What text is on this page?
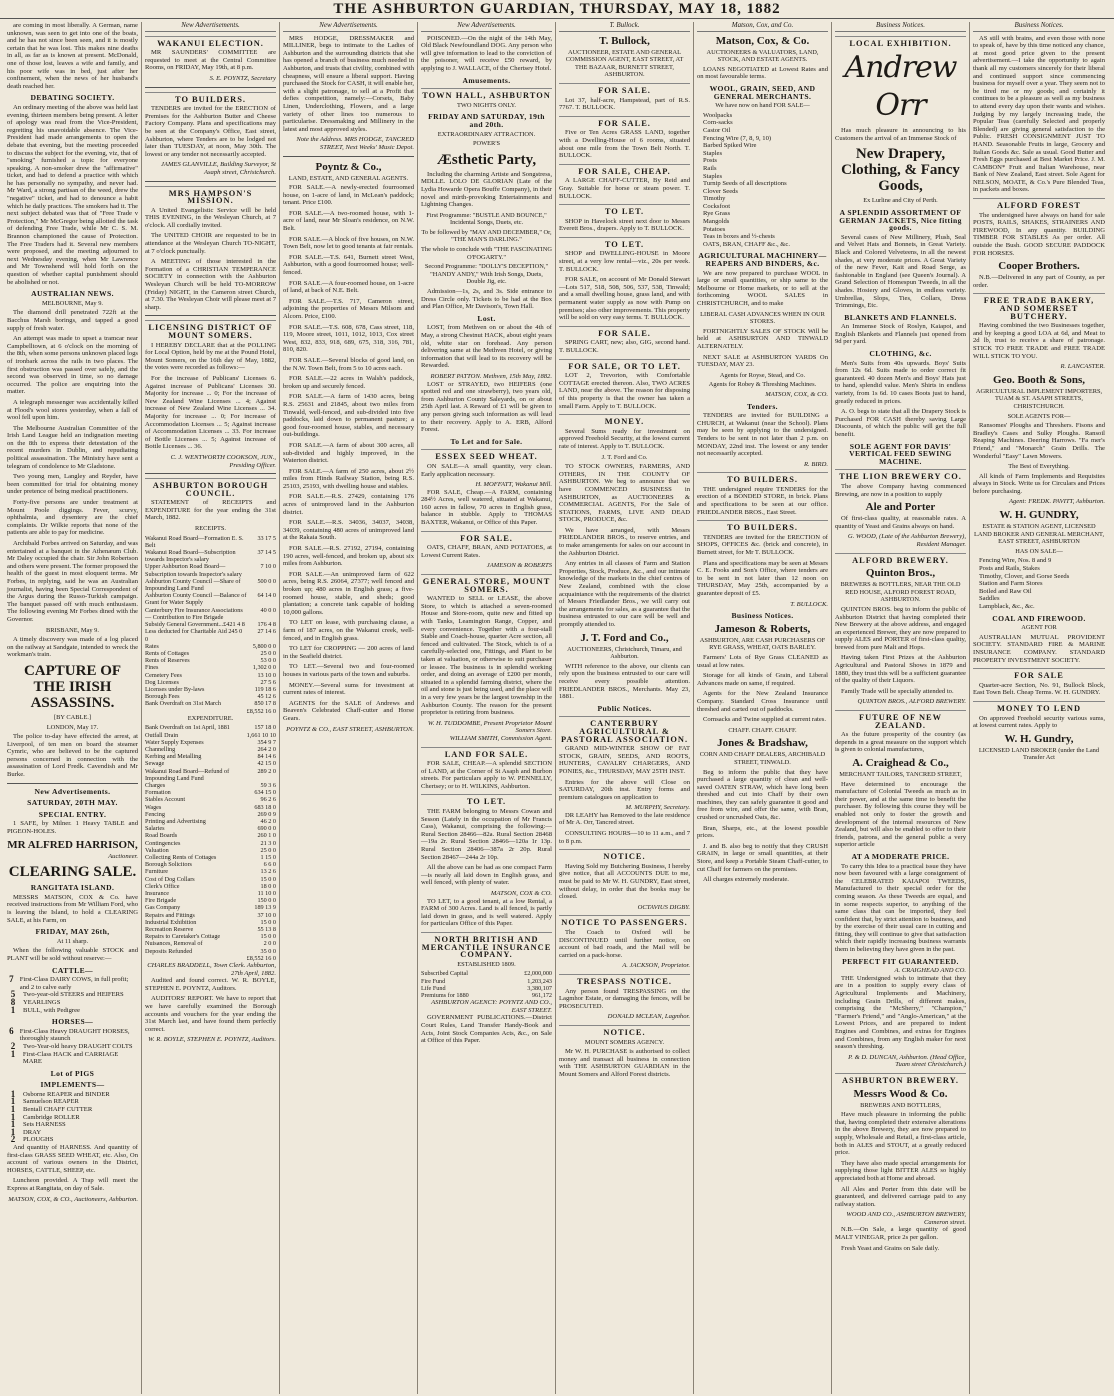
THE ASHBURTON GUARDIAN, THURSDAY, MAY 18, 1882

are coming in most liberally. A German, name unknown, was seen to get into one of the boats, and he has not since been seen, and it is mostly certain that he was lost. This makes nine deaths in all, as far as is known at present. McDonald, one of those lost, leaves a wife and family, and his poor wife was in bed, just after her confinement, when the news of her husband's death reached her.

DEBATING SOCIETY.

An ordinary meeting of the above was held last evening, thirteen members being present. A letter of apology was read from the Vice-President, regretting his unavoidable absence. The Vice-President had made arrangements to open the debate that evening, but the meeting proceeded to discuss the subject for the evening, viz, that of "smoking" furnished a topic for everyone speaking. A non-smoker drew the "affirmative" ticket, and had to defend a practice with which he has personally no sympathy, and never had. Mr Ward, a strong partisan of the weed, drew the "negative" ticket, and had to denounce a habit which he daily practices. The smokers had it. The next subject debated was that of "Free Trade v Protection," Mr McGregor being allotted the task of defending Free Trade, while Mr C. S. M. Brannon championed the cause of Protection. The Free Traders had it. Several new members were proposed, and the meeting adjourned to next Wednesday evening, when Mr Lawrence and Mr Townshend will hold forth on the question of whether capital punishment should be abolished or not.

AUSTRALIAN NEWS.
MELBOURNE, May 9.

The diamond drill penetrated 722ft at the Bacchus Marsh borings, and tapped a good supply of fresh water.

An attempt was made to upset a tramcar near Campbelltown, at 6 o'clock on the morning of the 8th, when some persons unknown placed logs of ironbark across the rails in two places. The first obstruction was passed over safely, and the second was observed in time, so no damage occurred. The police are enquiring into the matter.

A telegraph messenger was accidentally killed at Flood's wool stores yesterday, when a fall of wool fell upon him.

The Melbourne Australian Committee of the Irish Land League held an indignation meeting on the 8th to express their detestation of the recent murders in Dublin, and repudiating political assassination. The Ministry have sent a telegram of condolence to Mr Gladstone.

Two young men, Langley and Reyder, have been committed for trial for obtaining money under pretence of being medical practitioners.

Forty-five persons are under treatment at Mount Poole diggings. Fever, scurvy, ophthalmia, and dysentery are the chief complaints. Dr Wilkie reports that none of the patients are able to pay for medicine.

Archibald Forbes arrived on Saturday, and was entertained at a banquet in the Athenæum Club. Mr Daley occupied the chair. Sir John Robertson and others were present. The former proposed the health of the guest in most eloquent terms. Mr Forbes, in replying, said he was an Australian journalist, having been Special Correspondent of the Argus during the Russo-Turkish campaign. The banquet passed off with much enthusiasm. The following evening Mr Forbes dined with the Governor.

BRISBANE, May 9.

A timely discovery was made of a log placed on the railway at Sandgate, intended to wreck the workman's train.

CAPTURE OF THE IRISH ASSASSINS.
[BY CABLE.]
LONDON, May 17.

The police to-day have effected the arrest, at Liverpool, of ten men on board the steamer Cymric, who are believed to be the captured persons concerned in connection with the assassination of Lord Fredk. Cavendish and Mr Burke.

New Advertisements.
SATURDAY, 20TH MAY.
SPECIAL ENTRY.

1 SAFE, by Milner. 1 Heavy TABLE and PIGEON-HOLES.

MR ALFRED HARRISON,
Auctioneer.
CLEARING SALE.
RANGITATA ISLAND.

MESSRS MATSON, COX & Co. have received instructions from Mr William Ford, who is leaving the Island, to hold a CLEARING SALE, at his Farm, on

FRIDAY, MAY 26th,
At 11 sharp.

When the following valuable STOCK and PLANT will be sold without reserve:—

CATTLE—
7 First-Class DAIRY COWS, in full profit; and 2 to calve early
5	Two-year-old STEERS and HEIFERS
8	YEARLINGS
1	BULL, with Pedigree
HORSES—
6 First-Class Heavy DRAUGHT HORSES, thoroughly staunch
2	Two-Year-old heavy DRAUGHT COLTS
1	First-Class HACK and CARRIAGE MARE
Lot of PIGS
IMPLEMENTS—
1	Osborne REAPER and BINDER
1	Samuelson REAPER
1	Bentall CHAFF CUTTER
1	Cambridge ROLLER
1	Sets HARNESS
1	DRAY
2	PLOUGHS

And quantity of HARNESS. And quantity of first-class GRASS SEED WHEAT, etc. Also, On account of various owners in the District, HORSES, CATTLE, SHEEP, etc.

Luncheon provided. A Trap will meet the Express at Rangitata, on day of Sale.

MATSON, COX, & CO., Auctioneers, Ashburton.
New Advertisements.
WAKANUI ELECTION.

MR SAUNDERS' COMMITTEE are requested to meet at the Central Committee Rooms, on FRIDAY, May 19th, at 8 p.m.

S. E. POYNTZ, Secretary
TO BUILDERS.

TENDERS are invited for the ERECTION of Premises for the Ashburton Butter and Cheese Factory Company. Plans and specifications may be seen at the Company's Office, East street, Ashburton, where Tenders are to be lodged not later than TUESDAY, at noon, May 30th. The lowest or any tender not necessarily accepted.

JAMES GLANVILLE, Building Surveyor, St Asaph street, Christchurch.
MRS HAMPSON'S MISSION.

A United Evangelistic Service will be held THIS EVENING, in the Wesleyan Church, at 7 o'clock. All cordially invited.

The UNITED CHOIR are requested to be in attendance at the Wesleyan Church TO-NIGHT, at 7 o'clock punctually.

A MEETING of those interested in the Formation of a CHRISTIAN TEMPERANCE SOCIETY in connection with the Ashburton Wesleyan Church will be held TO-MORROW (Friday) NIGHT, in the Cameron street Church, at 7.30. The Wesleyan Choir will please meet at 7 sharp.

LICENSING DISTRICT OF MOUNT SOMERS.

I HEREBY DECLARE that at the POLLING for Local Option, held by me at the Pound Hotel, Mount Somers, on the 16th day of May, 1882, the votes were recorded as follows:—

For the increase of Publicans' Licenses 6. Against increase of Publicans' Licenses 30. Majority for increase ... 0; For the increase of New Zealand Wine Licenses ... 4; Against increase of New Zealand Wine Licenses ... 34. Majority for increase ... 0; For increase of Accommodation Licenses ... 5; Against increase of Accommodation Licenses ... 33. For increase of Bottle Licenses ... 5; Against increase of Bottle Licenses ... 36.

C. J. WENTWORTH COOKSON, JUN., Presiding Officer.
ASHBURTON BOROUGH COUNCIL.

STATEMENT of RECEIPTS and EXPENDITURE for the year ending the 31st March, 1882.

RECEIPTS.
Wakanui Road Board—Formation E. S. Belt	33 17 5
Wakanui Road Board—Subscription towards Inspector's salary	37 14 5
Upper Ashburton Road Board—Subscription towards Inspector's salary	7 10 0
Ashburton County Council —Share of Impounding Land Fund	500 0 0
Ashburton County Council —Balance of Grant for Water Supply	64 14 0
Canterbury Fire Insurance Associations — Contribution to Fire Brigade	40 0 0
Subsidy General Government...£421 4 8	176 4 8
Less deducted for Charitable Aid 245 0 0	27 14 6
Rates	5,800 0 0
Rents of Cottages	25 0 0
Rents of Reserves	53 0 0
Fines	1,302 0 0
Cemetery Fees	13 10 0
Dog Licenses	27 5 6
Licenses under By-laws	119 18 6
Borough Fees	45 12 6
Bank Overdraft on 31st March	850 17 8
	£8,552 16 0
EXPENDITURE.
Bank Overdraft on 1st April, 1881	157 18 0
Outfall Drain	1,661 10 10
Water Supply Expenses	354 9 7
Channelling	264 2 0
Kerbing and Metalling	84 14 6
Sewage	42 15 0
Wakanui Road Board—Refund of Impounding Land Fund	289 2 0
Charges	59 3 6
Formation	634 15 0
Stables Account	96 2 6
Wages	683 18 0
Fencing	269 0 9
Printing and Advertising	46 2 0
Salaries	690 0 0
Road Boards	260 1 0
Contingencies	21 3 0
Valuation	25 0 0
Collecting Rents of Cottages	1 15 0
Borough Solicitors	6 6 0
Furniture	13 2 6
Cost of Dog Collars	15 0 0
Clerk's Office	18 0 0
Insurance	11 10 0
Fire Brigade	150 0 0
Gas Company	189 13 9
Repairs and Fittings	37 10 0
Industrial Exhibition	15 0 0
Recreation Reserve	55 13 8
Repairs to Caretaker's Cottage	15 0 0
Nuisances, Removal of	2 0 0
Deposits Refunded	35 0 0
	£8,552 16 0
CHARLES BRADDELL, Town Clerk. Ashburton, 27th April, 1882.

Audited and found correct. W. R. BOYLE, STEPHEN E. POYNTZ, Auditors.

AUDITORS' REPORT. We have to report that we have carefully examined the Borough accounts and vouchers for the year ending the 31st March last, and have found them perfectly correct.

W. R. BOYLE, STEPHEN E. POYNTZ, Auditors.
New Advertisements.

MRS HODGE, DRESSMAKER and MILLINER, begs to intimate to the Ladies of Ashburton and the surrounding districts that she has opened a branch of business much needed in Ashburton, and trusts that civility, combined with cheapness, will ensure a liberal support. Having purchased the Stock for CASH, it will enable her, with a slight patronage, to sell at a Profit that defies competition, namely:—Corsets, Baby Linen, Underclothing, Flowers, and a large variety of other lines too numerous to particularise. Dressmaking and Millinery in the latest and most approved styles.

Note the Address. MRS HODGE, TANCRED STREET, Next Weeks' Music Depot.
Poyntz & Co.,
LAND, ESTATE, AND GENERAL AGENTS.

FOR SALE.—A newly-erected fourroomed house, on 1-acre of land, in McLean's paddock; tenant. Price £100.

FOR SALE.—A two-roomed house, with 1-acre of land, near Mr Sloan's residence, on N.W. Belt.

FOR SALE.—A block of five houses, on N.W. Town Belt, now let to good tenants at fair rentals.

FOR SALE.—T.S. 641, Burnett street West, Ashburton, with a good fourroomed house; well-fenced.

FOR SALE.—A four-roomed house, on 1-acre of land, at back of N.E. Belt.

FOR SALE.—T.S. 717, Cameron street, adjoining the properties of Messrs Milsom and Alcorn. Price, £100.

FOR SALE.—T.S. 608, 678, Cass street, 118, 119, Moore street, 1011, 1012, 1013, Cox street West, 832, 833, 918, 689, 675, 318, 316, 781, 810, 820.

FOR SALE.—Several blocks of good land, on the N.W. Town Belt, from 5 to 10 acres each.

FOR SALE.—22 acres in Walsh's paddock, broken up and securely fenced.

FOR SALE.—A farm of 1430 acres, being R.S. 25631 and 21845, about two miles from Tinwald, well-fenced, and sub-divided into five paddocks, laid down to permanent pasture; a good four-roomed house, stables, and necessary out-buildings.

FOR SALE.—A farm of about 300 acres, all sub-divided and highly improved, in the Waterton district.

FOR SALE.—A farm of 250 acres, about 2½ miles from Hinds Railway Station, being R.S. 25103, 25193, with dwelling house and stables.

FOR SALE.—R.S. 27429, containing 176 acres of unimproved land in the Ashburton district.

FOR SALE.—R.S. 34036, 34037, 34038, 34039, containing 480 acres of unimproved land at the Rakaia South.

FOR SALE.—R.S. 27192, 27194, containing 190 acres, well-fenced, and broken up, about six miles from Ashburton.

FOR SALE.—An unimproved farm of 622 acres, being R.S. 26064, 27377; well fenced and broken up; 480 acres in English grass; a five-roomed house, stable, and sheds; good plantation; a concrete tank capable of holding 10,000 gallons.

TO LET on lease, with purchasing clause, a farm of 187 acres, on the Wakanui creek, well-fenced, and in English grass.

TO LET for CROPPING — 200 acres of land in the Seafield district.

TO LET.—Several two and four-roomed houses in various parts of the town and suburbs.

MONEY.—Several sums for investment at current rates of interest.

AGENTS for the SALE of Andrews and Beaven's Celebrated Chaff-cutter and Horse Gears.

POYNTZ & CO., EAST STREET, ASHBURTON.
New Advertisements.

POISONED.—On the night of the 14th May, Old Black Newfoundland DOG. Any person who will give information to lead to the conviction of the poisoner, will receive £50 reward, by applying to J. WALLACE, of the Chertsey Hotel.

Amusements.
TOWN HALL, ASHBURTON
TWO NIGHTS ONLY.
FRIDAY AND SATURDAY, 19th and 20th.
EXTRAORDINARY ATTRACTION.
POWER'S
Æsthetic Party,

Including the charming Artiste and Songstress, MDLLE. LOLO DE GLORIAN (Late of the Lydia Howarde Opera Bouffe Company), in their novel and mirth-provoking Entertainments and Lightning Changes.

First Programme: "BUSTLE AND BOUNCE," Incidental Songs, Duets, etc.
To be followed by "MAY AND DECEMBER," Or, "THE MAN'S DARLING."
The whole to conclude with "THE FASCINATING O'FOGARTY."
Second Programme: "DOLLY'S DECEPTION," "HANDY ANDY," With Irish Songs, Duets, Double Jig, etc.

Admission—1s, 2s, and 3s. Side entrance to Dress Circle only. Tickets to be had at the Box and Plan Office, Mr Davison's, Town Hall.

Lost.

LOST, from Methven on or about the 4th of May, a strong Chestnut HACK, about eight years old, white star on forehead. Any person delivering same at the Methven Hotel, or giving information that will lead to its recovery will be Rewarded.

ROBERT PATTON. Methven, 15th May, 1882.

LOST or STRAYED, two HEIFERS (one spotted red and one strawberry), two years old, from Ashburton County Saleyards, on or about 25th April last. A Reward of £1 will be given to any person giving such information as will lead to their recovery. Apply to A. ERB, Alford Forest.

To Let and for Sale.
ESSEX SEED WHEAT.

ON SALE—A small quantity, very clean. Early application necessary.

H. MOFFATT, Wakanui Mill.

FOR SALE, Cheap.—A FARM, containing 284½ Acres, well watered, situated at Wakanui, 160 acres in fallow, 70 acres in English grass, balance in stubble. Apply to THOMAS BAXTER, Wakanui, or Office of this Paper.

FOR SALE.

OATS, CHAFF, BRAN, AND POTATOES, at Lowest Current Rates.

JAMESON & ROBERTS
GENERAL STORE, MOUNT SOMERS.

WANTED to SELL or LEASE, the above Store, to which is attached a seven-roomed House and Store-room, quite new and fitted up with Tanks, Leamington Range, Copper, and every convenience. Together with a four-stall Stable and Coach-house, quarter Acre section, all fenced and cultivated. The Stock, which is of a carefully-selected one, Fittings, and Plant to be taken at valuation, or otherwise to suit purchaser or lessee. The business is in splendid working order, and doing an average of £200 per month, situated in a splendid farming district, where the oil and stone is just being used, and the place will in a very few years be the largest township in the Ashburton County. The reason for the present proprietor is retiring from business.

W. H. TUDDOMBE, Present Proprietor Mount Somers Store.
WILLIAM SMITH, Commission Agent.
LAND FOR SALE.

FOR SALE, CHEAP.—A splendid SECTION of LAND, at the Corner of St Asaph and Burbon streets. For particulars apply to W. PENNELLY, Chertsey; or to H. WILKINS, Ashburton.

TO LET.

THE FARM belonging to Messrs Cowan and Sesson (Lately in the occupation of Mr Francis Cass), Wakanui, comprising the following:— Rural Section 28466—82a. Rural Section 28468—19a 2r. Rural Section 28466—120a 1r 13p. Rural Section 28406—387a 2r 20p. Rural Section 28467—244a 2r 10p.

All the above can be had as one compact Farm—is nearly all laid down in English grass, and well fenced, with plenty of water.

MATSON, COX & CO.

TO LET, to a good tenant, at a low Rental, a FARM of 300 Acres. Land is all fenced, is partly laid down in grass, and is well watered. Apply for particulars Office of this Paper.

NORTH BRITISH AND MERCANTILE INSURANCE COMPANY.
ESTABLISHED 1809.
Subscribed Capital	£2,000,000
Fire Fund	1,203,243
Life Fund	3,380,107
Premiums for 1880	961,172
ASHBURTON AGENCY: POYNTZ AND CO., EAST STREET.

GOVERNMENT PUBLICATIONS.—District Court Rules, Land Transfer Handy-Book and Acts, Joint Stock Companies Acts, &c., on Sale at Office of this Paper.

T. Bullock.
T. Bullock,
AUCTIONEER, ESTATE AND GENERAL COMMISSION AGENT, EAST STREET, AT THE BAZAAR, BURNETT STREET, ASHBURTON.
FOR SALE.

Lot 37, half-acre, Hampstead, part of R.S. 7767. T. BULLOCK.

FOR SALE.

Five or Ten Acres GRASS LAND, together with a Dwelling-House of 6 rooms, situated about one mile from the Town Belt North. T. BULLOCK.

FOR SALE, CHEAP.

A LARGE CHAFF-CUTTER, By Reid and Gray. Suitable for horse or steam power. T. BULLOCK.

TO LET.

SHOP in Havelock street next door to Messrs Everett Bros., drapers. Apply to T. BULLOCK.

TO LET.

SHOP and DWELLING-HOUSE in Moore street, at a very low rental—viz., 20s per week. T. BULLOCK.

FOR SALE, on account of Mr Donald Stewart—Lots 517, 518, 508, 506, 537, 538, Tinwald; and a small dwelling house, grass land, and with permanent water supply as now with Pump on premises; also other improvements. This property will be sold on very easy terms. T. BULLOCK.

FOR SALE.

SPRING CART, new; also, GIG, second hand. T. BULLOCK.

FOR SALE, OR TO LET.

LOT 2, Trevorton, with Comfortable COTTAGE erected thereon. Also, TWO ACRES LAND, near the above. The reason for disposing of this property is that the owner has taken a small Farm. Apply to T. BULLOCK.

MONEY.

Several Sums ready for investment on approved Freehold Security, at the lowest current rate of interest. Apply to T. BULLOCK.

J. T. Ford and Co.

TO STOCK OWNERS, FARMERS, AND OTHERS, IN THE COUNTY OF ASHBURTON. We beg to announce that we have COMMENCED BUSINESS in ASHBURTON, as AUCTIONEERS & COMMERCIAL AGENTS, For the Sale of STATIONS, FARMS, LIVE AND DEAD STOCK, PRODUCE, &c.

We have arranged, with Messrs FRIEDLANDER BROS., to reserve entries, and to make arrangements for sales on our account in the Ashburton District.

Any entries in all classes of Farm and Station Properties, Stock, Produce, &c., and our intimate knowledge of the markets in the chief centres of New Zealand, combined with the close acquaintance with the requirements of the district of Messrs Friedlander Bros., we will carry out the arrangements for sales, as a guarantee that the business entrusted to our care will be well and promptly attended to.

J. T. Ford and Co.,
AUCTIONEERS, Christchurch, Timaru, and Ashburton.

WITH reference to the above, our clients can rely upon the business entrusted to our care will receive every possible attention. FRIEDLANDER BROS., Merchants. May 23, 1881.

Public Notices.
CANTERBURY AGRICULTURAL & PASTORAL ASSOCIATION.

GRAND MID-WINTER SHOW OF FAT STOCK, GRAIN, SEEDS, AND ROOTS, HUNTERS, CAVALRY CHARGERS, AND PONIES, &c., THURSDAY, MAY 25TH INST.

Entries for the above will Close on SATURDAY, 20th inst. Entry forms and premium catalogues on application to

M. MURPHY, Secretary.

DR LEAHY has Removed to the late residence of Mr A. Orr, Tancred street.

CONSULTING HOURS—10 to 11 a.m., and 7 to 8 p.m.

NOTICE.

Having Sold my Butchering Business, I hereby give notice, that all ACCOUNTS DUE to me, must be paid to Mr W. H. GUNDRY, East street, without delay, in order that the books may be closed.

OCTAVIUS DIGBY.
NOTICE TO PASSENGERS.

The Coach to Oxford will be DISCONTINUED until further notice, on account of bad roads, and the Mail will be carried on a pack-horse.

A. JACKSON, Proprietor.
TRESPASS NOTICE.

Any person found TRESPASSING on the Lagmhor Estate, or damaging the fences, will be PROSECUTED.

DONALD MCLEAN, Lagmhor.
NOTICE.
MOUNT SOMERS AGENCY.

Mr W. H. PURCHASE is authorised to collect money and transact all business in connection with THE ASHBURTON GUARDIAN in the Mount Somers and Alford Forest districts.

Matson, Cox, and Co.
Matson, Cox, & Co.
AUCTIONEERS & VALUATORS, LAND, STOCK, AND ESTATE AGENTS.

LOANS NEGOTIATED at Lowest Rates and on most favourable terms.

WOOL, GRAIN, SEED, AND GENERAL MERCHANTS.
We have now on hand FOR SALE—
Woolpacks
Corn-sacks
Castor Oil
Fencing Wire (7, 8, 9, 10)
Barbed Spiked Wire
Staples
Posts
Rails
Staples
Turnip Seeds of all descriptions
Clover Seeds
Timothy
Cocksfoot
Rye Grass
Mangolds
Potatoes
Teas in boxes and ½-chests
OATS, BRAN, CHAFF &c., &c.
AGRICULTURAL MACHINERY—REAPERS AND BINDERS, &c.

We are now prepared to purchase WOOL in large or small quantities, or ship same to the Melbourne or Home markets, or to sell at the forthcoming WOOL SALES in CHRISTCHURCH, and to make

LIBERAL CASH ADVANCES WHEN IN OUR STORES.

FORTNIGHTLY SALES OF STOCK Will be held at ASHBURTON AND TINWALD ALTERNATELY.

NEXT SALE at ASHBURTON YARDS On TUESDAY, MAY 23.

Agents for Royse, Stead, and Co.
Agents for Robey & Threshing Machines.
MATSON, COX, & CO.
Tenders.

TENDERS are invited for BUILDING a CHURCH, at Wakanui (near the School). Plans may be seen by applying to the undersigned. Tenders to be sent in not later than 2 p.m. on MONDAY, 22nd inst. The lowest or any tender not necessarily accepted.

R. BIRD.
TO BUILDERS.

THE undersigned require TENDERS for the erection of a BONDED STORE, in brick. Plans and specifications to be seen at our office. FRIEDLANDER BROS., East Street.

TO BUILDERS.

TENDERS are invited for the ERECTION of SHOPS, OFFICES &c. (brick and concrete), in Burnett street, for Mr T. BULLOCK.

Plans and specifications may be seen at Messrs C. E. Fooks and Son's Office, where tenders are to be sent in not later than 12 noon on THURSDAY, May 25th, accompanied by a guarantee deposit of £5.

T. BULLOCK.
Business Notices.
Jameson & Roberts,
ASHBURTON, ARE CASH PURCHASERS OF RYE GRASS, WHEAT, OATS BARLEY.

Farmers' Lots of Rye Grass CLEANED as usual at low rates.

Storage for all kinds of Grain, and Liberal Advances made on same, if required.

Agents for the New Zealand Insurance Company. Standard Cross Insurance until threshed and carted out of paddocks.

Cornsacks and Twine supplied at current rates.

CHAFF. CHAFF. CHAFF.
Jones & Bradshaw,
CORN AND CHAFF DEALERS, ARCHIBALD STREET, TINWALD.

Beg to inform the public that they have purchased a large quantity of clean and well-saved OATEN STRAW, which have long been threshed and cut into Chaff by their own machines, they can safely guarantee it good and free from wire, and offer the same, with Bran, crushed or uncrushed Oats, &c.

Bran, Sharps, etc., at the lowest possible prices.

J. and B. also beg to notify that they CRUSH GRAIN, in large or small quantities, at their Store, and keep a Portable Steam Chaff-cutter, to cut Chaff for farmers on the premises.

All charges extremely moderate.

Business Notices.
LOCAL EXHIBITION.
Andrew Orr

Has much pleasure in announcing to his Customers the arrival of an Immense Stock of

New Drapery, Clothing, & Fancy Goods,
Ex Lurline and City of Perth.
A SPLENDID ASSORTMENT OF GERMAN JACKETS, Nice fitting goods.

Several cases of New Millinery, Plush, Seal and Velvet Hats and Bonnets, in Great Variety. Black and Colored Velveteens, in all the newest shades, at very moderate prices. A Great Variety of the new Fever, Kait and Road Serge, as fashionable in England (see Queen's Journal). A Grand Selection of Homespun Tweeds, in all the shades. Hosiery and Gloves, in endless variety. Umbrellas, Slops, Ties, Collars, Dress Trimmings, Etc.

BLANKETS AND FLANNELS.

An Immense Stock of Roslyn, Kaiapoi, and English Blankets and Flannels just opened from 9d per yard.

CLOTHING, &c.

Men's Suits from 40s upwards. Boys' Suits from 12s 6d. Suits made to order correct fit guaranteed. 40 dozen Men's and Boys' Hats just to hand, splendid value. Men's Shirts in endless variety, from 1s 6d. 10 cases Boots just to hand, greatly reduced in prices.

A. O. begs to state that all the Drapery Stock is Purchased FOR CASH thereby saving Large Discounts, of which the public will get the full benefit.

SOLE AGENT FOR DAVIS' VERTICAL FEED SEWING MACHINE.
THE LION BREWERY CO.

The above Company having commenced Brewing, are now in a position to supply

Ale and Porter

Of first-class quality, at reasonable rates. A quantity of Yeast and Grains always on hand.

G. WOOD, (Late of the Ashburton Brewery), Resident Manager.
ALFORD BREWERY.
Quinton Bros.,
BREWERS & BOTTLERS, NEAR THE OLD RED HOUSE, ALFORD FOREST ROAD, ASHBURTON.

QUINTON BROS. beg to inform the public of Ashburton District that having completed their New Brewery at the above address, and engaged an experienced Brewer, they are now prepared to supply ALES and PORTER of first-class quality, brewed from pure Malt and Hops.

Having taken First Prizes at the Ashburton Agricultural and Pastoral Shows in 1879 and 1880, they trust this will be a sufficient guarantee of the quality of their Liquors.

Family Trade will be specially attended to.

QUINTON BROS., ALFORD BREWERY.
FUTURE OF NEW ZEALAND.

As the future prosperity of the country (as depends in a great measure on the support which is given to colonial manufactures,

A. Craighead & Co.,
MERCHANT TAILORS, TANCRED STREET,

Have determined to encourage the manufacture of Colonial Tweeds as much as in their power, and at the same time to benefit the purchaser. By following this course they will be enabled not only to foster the growth and development of the internal resources of New Zealand, but will also be enabled to offer to their friends, patrons, and the general public a very superior article

AT A MODERATE PRICE.

To carry this Idea to a practical issue they have now been favoured with a large consignment of the CELEBRATED KAIAPOI TWEEDS, Manufactured to their special order for the coming season. As these Tweeds are equal, and in some respects superior, to anything of the same class that can be imported, they feel confident that, by strict attention to business, and by the exercise of their usual care in cutting and fitting, they will continue to give that satisfaction which their rapidly increasing business warrants them in believing they have given in the past.

PERFECT FIT GUARANTEED.
A. CRAIGHEAD AND CO.

THE Undersigned wish to intimate that they are in a position to supply every class of Agricultural Implements and Machinery, including Grain Drills, of different makes, comprising the "McSherry," "Champion," "Farmer's Friend," and "Anglo-American," at the Lowest Prices, and are prepared to indent Engines and Combines, and extras for Engines and Combines, from any English maker for next season's threshing.

P. & D. DUNCAN, Ashburton. (Head Office, Tuam street Christchurch.)
ASHBURTON BREWERY.
Messrs Wood & Co.
BREWERS AND BOTTLERS,

Have much pleasure in informing the public that, having completed their extensive alterations in the above Brewery, they are now prepared to supply, Wholesale and Retail, a first-class article, both in ALES and STOUT, at a greatly reduced price.

They have also made special arrangements for supplying those light BITTER ALES so highly appreciated both at Home and abroad.

All Ales and Porter from this date will be guaranteed, and delivered carriage paid to any railway station.

WOOD AND CO., ASHBURTON BREWERY, Cameron street.

N.B.—On Sale, a large quantity of good MALT VINEGAR, price 2s per gallon.

Fresh Yeast and Grains on Sale daily.

Business Notices.

AS still with brains, and even those with none to speak of, have by this time noticed any chance, at most good price given to the present advertisement.—I take the opportunity to again thank all my customers sincerely for their liberal and continued support since commencing business for myself over a year. They seem not to be tired me or my goods; and certainly it continues to be a pleasure as well as my business to attend every day upon their wants and wishes. Judging by my largely increasing trade, the Popular Teas (carefully Selected and properly Blended) are giving general satisfaction to the Public. FRESH CONSIGNMENT JUST TO HAND. Seasonable Fruits in large, Grocery and Italian Goods &c. Sale as usual. Good Butter and Fresh Eggs purchased at Best Market Price. J. M. CAMBON* Fruit and Italian Warehouse, near Bank of New Zealand, East street. Sole Agent for NELSON, MOATE, & Co.'s Pure Blended Teas, in packets and boxes.

ALFORD FOREST

The undersigned have always on hand for sale POSTS, RAILS, SHAKES, STRAINERS AND FIREWOOD, In any quantity. BUILDING TIMBER FOR STABLES As per order. All outside the Bush. GOOD SECURE PADDOCK FOR HORSES.

Cooper Brothers.

N.B.—Delivered in any part of County, as per order.

FREE TRADE BAKERY, AND SOMERSET BUTCHERY.

Having combined the two Businesses together, and by keeping a good LOA at 6d, and Meat to 2d lb, trust to receive a share of patronage. STICK TO FREE TRADE and FREE TRADE WILL STICK TO YOU.

R. LANCASTER.
Geo. Booth & Sons,
AGRICULTURAL IMPLEMENT IMPORTERS, TUAM & ST. ASAPH STREETS, CHRISTCHURCH.
SOLE AGENTS FOR—

Ransomes' Ploughs and Threshers. Fisons and Bradley's Cases and Sulky Ploughs. Ransoil Reaping Machines. Deering Harrows. "Fa mer's Friend," and "Monarch" Grain Drills. The Wonderful "Easy" Lawn Mowers.

The Best of Everything.

All kinds of Farm Implements and Requisites always in Stock. Write us for Circulars and Prices before purchasing.

Agent: FREDK. PAVITT, Ashburton.
W. H. GUNDRY,
ESTATE & STATION AGENT, LICENSED LAND BROKER AND GENERAL MERCHANT, EAST STREET, ASHBURTON
HAS ON SALE—
Fencing Wire, Nos. 8 and 9
Posts and Rails, Stakes
Timothy, Clover, and Gorse Seeds
Station and Farm Stores
Boiled and Raw Oil
Saddles
Lampblack, &c., &c.
COAL AND FIREWOOD.
AGENT FOR

AUSTRALIAN MUTUAL PROVIDENT SOCIETY. STANDARD FIRE & MARINE INSURANCE COMPANY. STANDARD PROPERTY INVESTMENT SOCIETY.

FOR SALE

Quarter-acre Section, No. 91, Bullock Block, East Town Belt. Cheap Terms. W. H. GUNDRY.

MONEY TO LEND

On approved Freehold security various sums, at lowest current rates. Apply to

W. H. Gundry,
LICENSED LAND BROKER (under the Land Transfer Act
